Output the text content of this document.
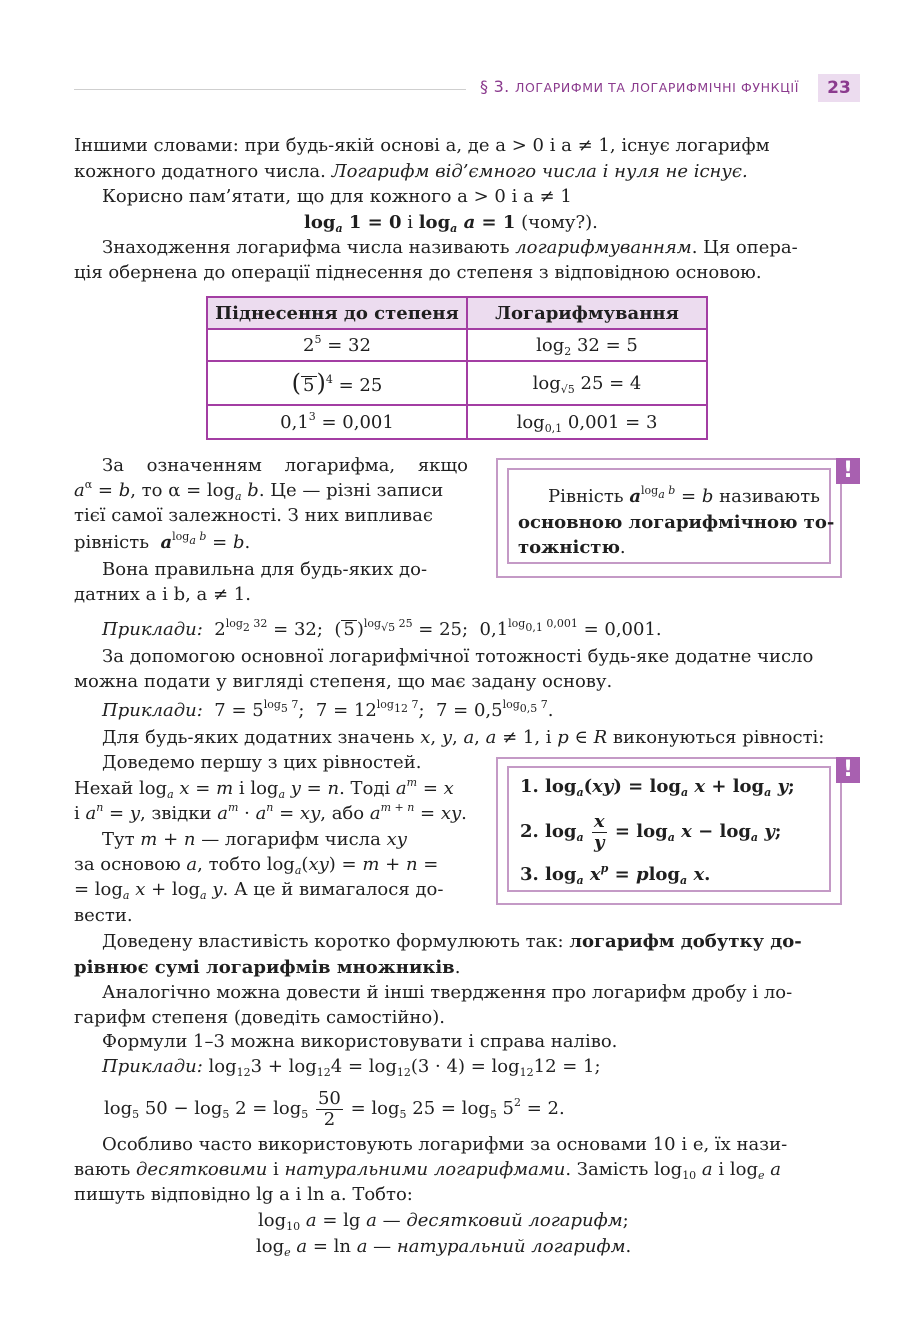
§ 3. ЛОГАРИФМИ ТА ЛОГАРИФМІЧНІ ФУНКЦІЇ	23
Іншими словами: при будь-якій основі a, де a > 0 і a ≠ 1, існує логарифм
кожного додатного числа. Логарифм від’ємного числа і нуля не існує.
Корисно пам’ятати, що для кожного a > 0 і a ≠ 1
$\log_a 1 = 0$ і $\log_a a = 1$ (чому?).
Знаходження логарифма числа називають логарифмуванням. Ця опера-
ція обернена до операції піднесення до степеня з відповідною основою.
Піднесення до степеня	Логарифмування
$2^5 = 32$	$\log_2 32 = 5$
( 5)$^4$ = 25	$\log_{√5} 25 = 4$
$0,1^3 = 0,001$	$\log_{0,1} 0,001 = 3$
За означенням логарифма, якщо
$a^\alpha = b$, то $\alpha = \log_a b$. Це — різні записи
тієї самої залежності. З них випливає
рівність $a^{log_a b} = b$.
Вона правильна для будь-яких до-
датних a і b, a ≠ 1.
!
Рівність $a^{log_a b} = b$ називають
основною логарифмічною то-
тожністю.
Приклади:  $2^{log_2 32} = 32$;  ( 5 )$^{log_{√5} 25}$ = 25;  $0,1^{log_{0,1} 0,001} = 0,001$.
За допомогою основної логарифмічної тотожності будь-яке додатне число
можна подати у вигляді степеня, що має задану основу.
Приклади:  $7 = 5^{log_5 7}$;  $7 = 12^{log_{12} 7}$;  $7 = 0,5^{log_{0,5} 7}$.
Для будь-яких додатних значень x, y, a, a ≠ 1, і p ∈ R виконуються рівності:
Доведемо першу з цих рівностей.
Нехай $\log_a x = m$ і $\log_a y = n$. Тоді $a^m = x$
і $a^n = y$, звідки $a^m \cdot a^n$ = xy, або $a^{m + n}$ = xy.
Тут m + n — логарифм числа xy
за основою a, тобто $\log_a(xy) = m + n$ =
= $\log_a x + \log_a y$. А це й вимагалося до-
вести.
!
1. $\log_a(xy) = \log_a x + \log_a y$;
2. $\log_a \frac{x}{y} = \log_a x - \log_a y$;
3. $\log_a x^p = plog_a$ x.
Доведену властивість коротко формулюють так: логарифм добутку до-
рівнює сумі логарифмів множників.
Аналогічно можна довести й інші твердження про логарифм дробу і ло-
гарифм степеня (доведіть самостійно).
Формули 1–3 можна використовувати і справа наліво.
Приклади: $\log_{12}3 + \log_{12}4 = \log_{12}(3 \cdot 4) = \log_{12}12 = 1$;
$\log_5 50 - \log_5 2 = \log_5 \frac{50}{2} = \log_5 25 = \log_5 5^2 = 2$.
Особливо часто використовують логарифми за основами 10 і e, їх нази-
вають десятковими і натуральними логарифмами. Замість $\log_{10} a$ і $\log_e a$
пишуть відповідно lg a і ln a. Тобто:
$\log_{10} a = \lg a$ — десятковий логарифм;
$\log_e a = \ln a$ — натуральний логарифм.
